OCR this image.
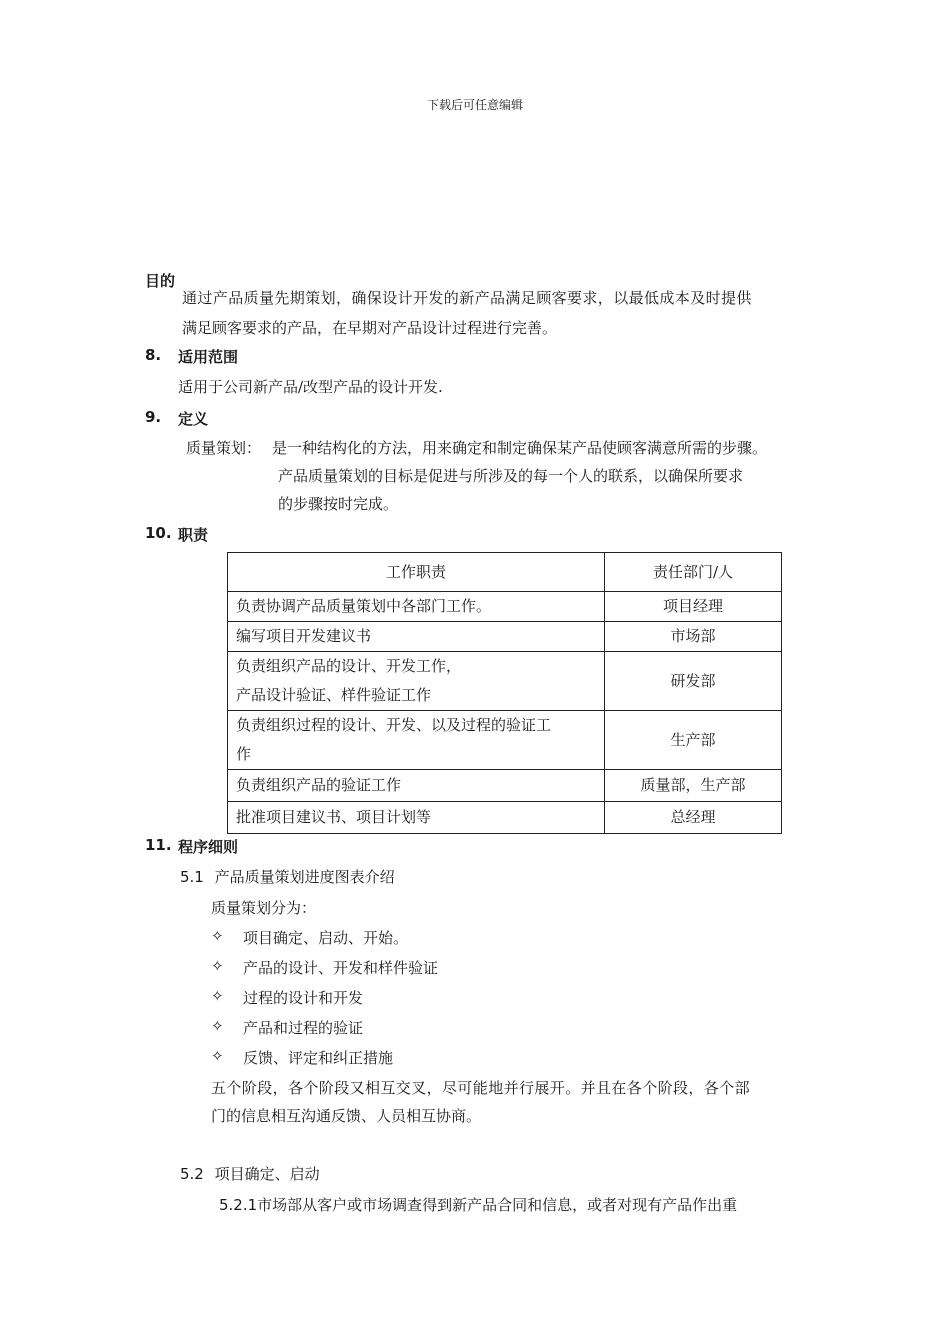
下载后可任意编辑
目的
通过产品质量先期策划，确保设计开发的新产品满足顾客要求，以最低成本及时提供
满足顾客要求的产品，在早期对产品设计过程进行完善。
8. 适用范围
适用于公司新产品/改型产品的设计开发.
9. 定义
质量策划： 是一种结构化的方法，用来确定和制定确保某产品使顾客满意所需的步骤。
产品质量策划的目标是促进与所涉及的每一个人的联系，以确保所要求
的步骤按时完成。
10. 职责
工作职责	责任部门/人
负责协调产品质量策划中各部门工作。	项目经理
编写项目开发建议书	市场部

负责组织产品的设计、开发工作，
产品设计验证、样件验证工作	研发部

负责组织过程的设计、开发、以及过程的验证工
作	生产部
负责组织产品的验证工作	质量部，生产部
批准项目建议书、项目计划等	总经理
11. 程序细则
5.1 产品质量策划进度图表介绍
质量策划分为：
✧ 项目确定、启动、开始。
✧ 产品的设计、开发和样件验证
✧ 过程的设计和开发
✧ 产品和过程的验证
✧ 反馈、评定和纠正措施
五个阶段，各个阶段又相互交叉，尽可能地并行展开。并且在各个阶段，各个部
门的信息相互沟通反馈、人员相互协商。
5.2 项目确定、启动
5.2.1市场部从客户或市场调查得到新产品合同和信息，或者对现有产品作出重
